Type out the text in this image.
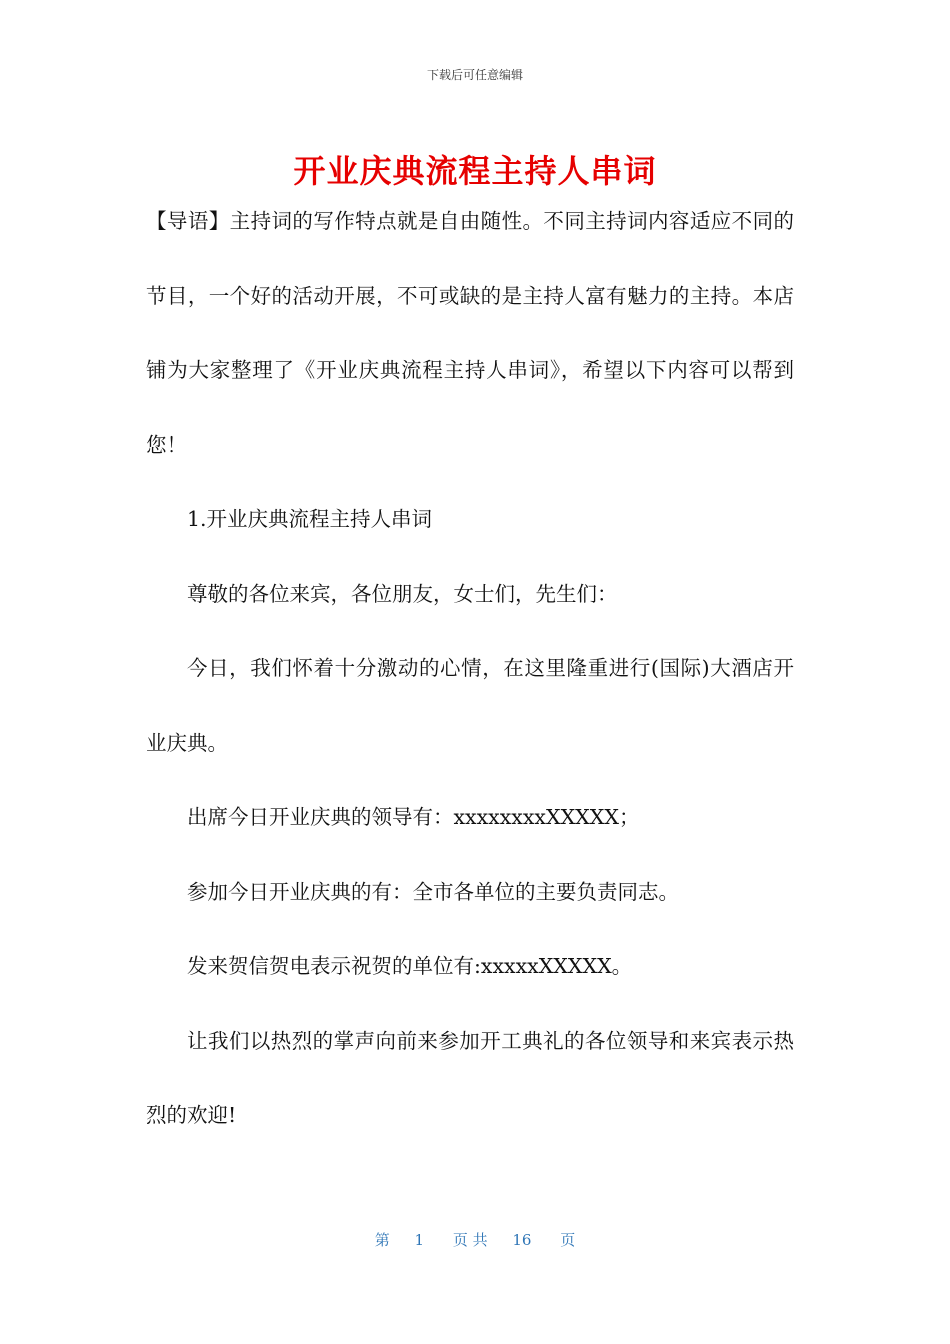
下载后可任意编辑
开业庆典流程主持人串词

【导语】主持词的写作特点就是自由随性。不同主持词内容适应不同的节目，一个好的活动开展，不可或缺的是主持人富有魅力的主持。本店铺为大家整理了《开业庆典流程主持人串词》，希望以下内容可以帮到您！

1.开业庆典流程主持人串词

尊敬的各位来宾，各位朋友，女士们，先生们：

今日，我们怀着十分激动的心情，在这里隆重进行(国际)大酒店开业庆典。

出席今日开业庆典的领导有：xxxxxxxxXXXXX；

参加今日开业庆典的有：全市各单位的主要负责同志。

发来贺信贺电表示祝贺的单位有:xxxxxXXXXX。

让我们以热烈的掌声向前来参加开工典礼的各位领导和来宾表示热烈的欢迎!

第 1 页 共 16 页
